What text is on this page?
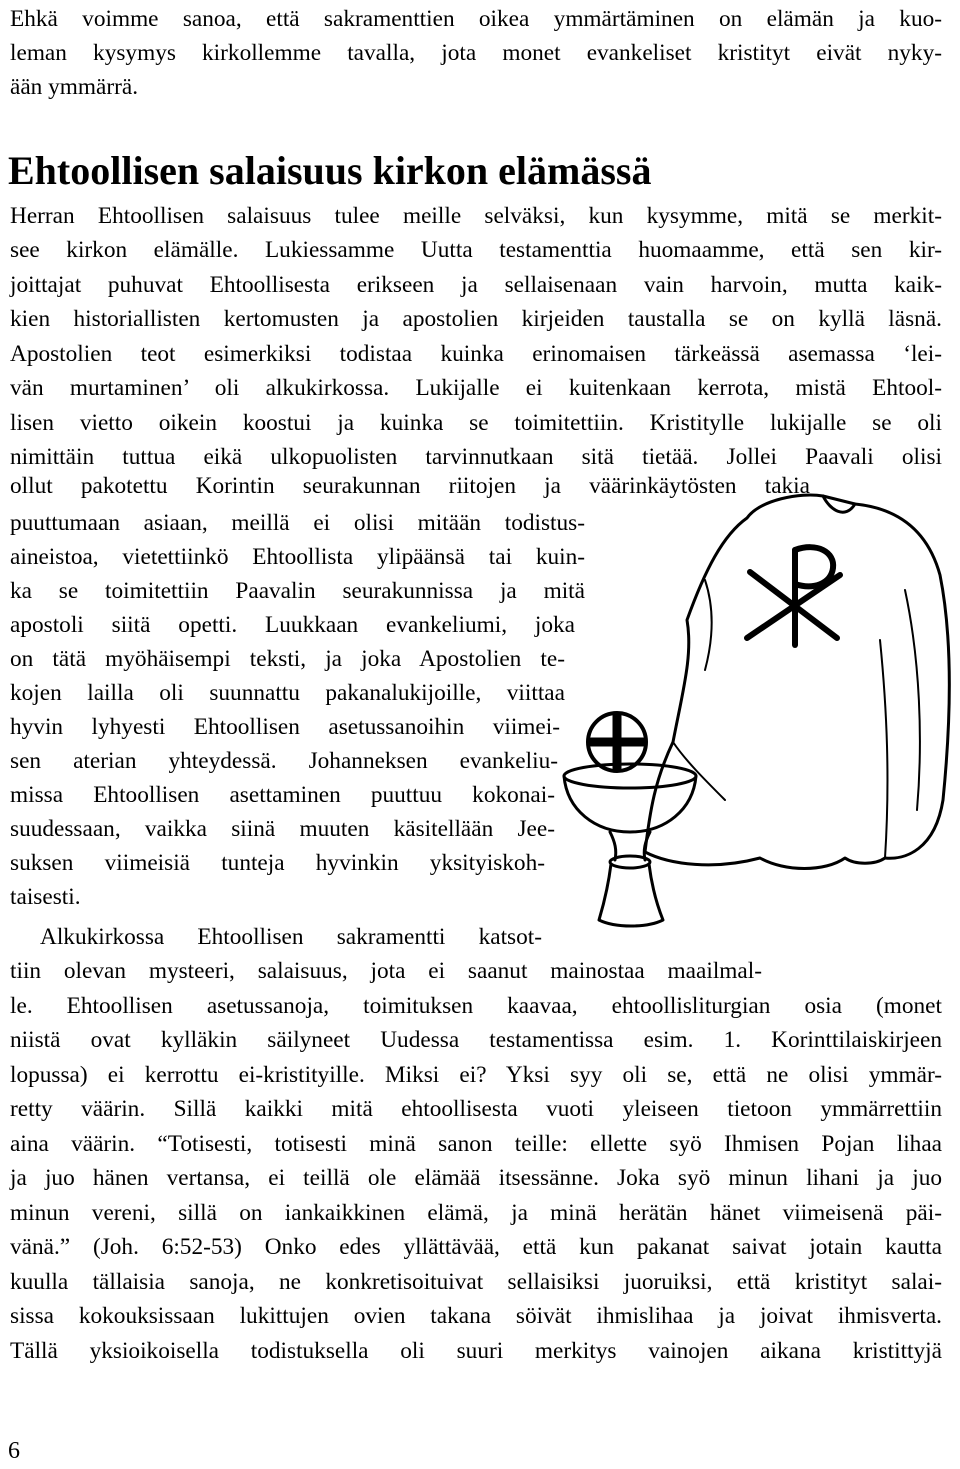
Ehkä voimme sanoa, että sakramenttien oikea ymmärtäminen on elämän ja kuo-
leman kysymys kirkollemme tavalla, jota monet evankeliset kristityt eivät nyky-
ään ymmärrä.
Ehtoollisen salaisuus kirkon elämässä
Herran Ehtoollisen salaisuus tulee meille selväksi, kun kysymme, mitä se merkit-
see kirkon elämälle. Lukiessamme Uutta testamenttia huomaamme, että sen kir-
joittajat puhuvat Ehtoollisesta erikseen ja sellaisenaan vain harvoin, mutta kaik-
kien historiallisten kertomusten ja apostolien kirjeiden taustalla se on kyllä läsnä.
Apostolien teot esimerkiksi todistaa kuinka erinomaisen tärkeässä asemassa ‘lei-
vän murtaminen’ oli alkukirkossa. Lukijalle ei kuitenkaan kerrota, mistä Ehtool-
lisen vietto oikein koostui ja kuinka se toimitettiin. Kristitylle lukijalle se oli
nimittäin tuttua eikä ulkopuolisten tarvinnutkaan sitä tietää. Jollei Paavali olisi
ollut pakotettu Korintin seurakunnan riitojen ja väärinkäytösten takia
puuttumaan asiaan, meillä ei olisi mitään todistus-
aineistoa, vietettiinkö Ehtoollista ylipäänsä tai kuin-
ka se toimitettiin Paavalin seurakunnissa ja mitä
apostoli siitä opetti. Luukkaan evankeliumi, joka
on tätä myöhäisempi teksti, ja joka Apostolien te-
kojen lailla oli suunnattu pakanalukijoille, viittaa
hyvin lyhyesti Ehtoollisen asetussanoihin viimei-
sen aterian yhteydessä. Johanneksen evankeliu-
missa Ehtoollisen asettaminen puuttuu kokonai-
suudessaan, vaikka siinä muuten käsitellään Jee-
suksen viimeisiä tunteja hyvinkin yksityiskoh-
taisesti.
Alkukirkossa Ehtoollisen sakramentti katsot-
tiin olevan mysteeri, salaisuus, jota ei saanut mainostaa maailmal-
le. Ehtoollisen asetussanoja, toimituksen kaavaa, ehtoollisliturgian osia (monet
niistä ovat kylläkin säilyneet Uudessa testamentissa esim. 1. Korinttilaiskirjeen
lopussa) ei kerrottu ei-kristityille. Miksi ei? Yksi syy oli se, että ne olisi ymmär-
retty väärin. Sillä kaikki mitä ehtoollisesta vuoti yleiseen tietoon ymmärrettiin
aina väärin. “Totisesti, totisesti minä sanon teille: ellette syö Ihmisen Pojan lihaa
ja juo hänen vertansa, ei teillä ole elämää itsessänne. Joka syö minun lihani ja juo
minun vereni, sillä on iankaikkinen elämä, ja minä herätän hänet viimeisenä päi-
vänä.” (Joh. 6:52-53) Onko edes yllättävää, että kun pakanat saivat jotain kautta
kuulla tällaisia sanoja, ne konkretisoituivat sellaisiksi juoruiksi, että kristityt salai-
sissa kokouksissaan lukittujen ovien takana söivät ihmislihaa ja joivat ihmisverta.
Tällä yksioikoisella todistuksella oli suuri merkitys vainojen aikana kristittyjä
6
